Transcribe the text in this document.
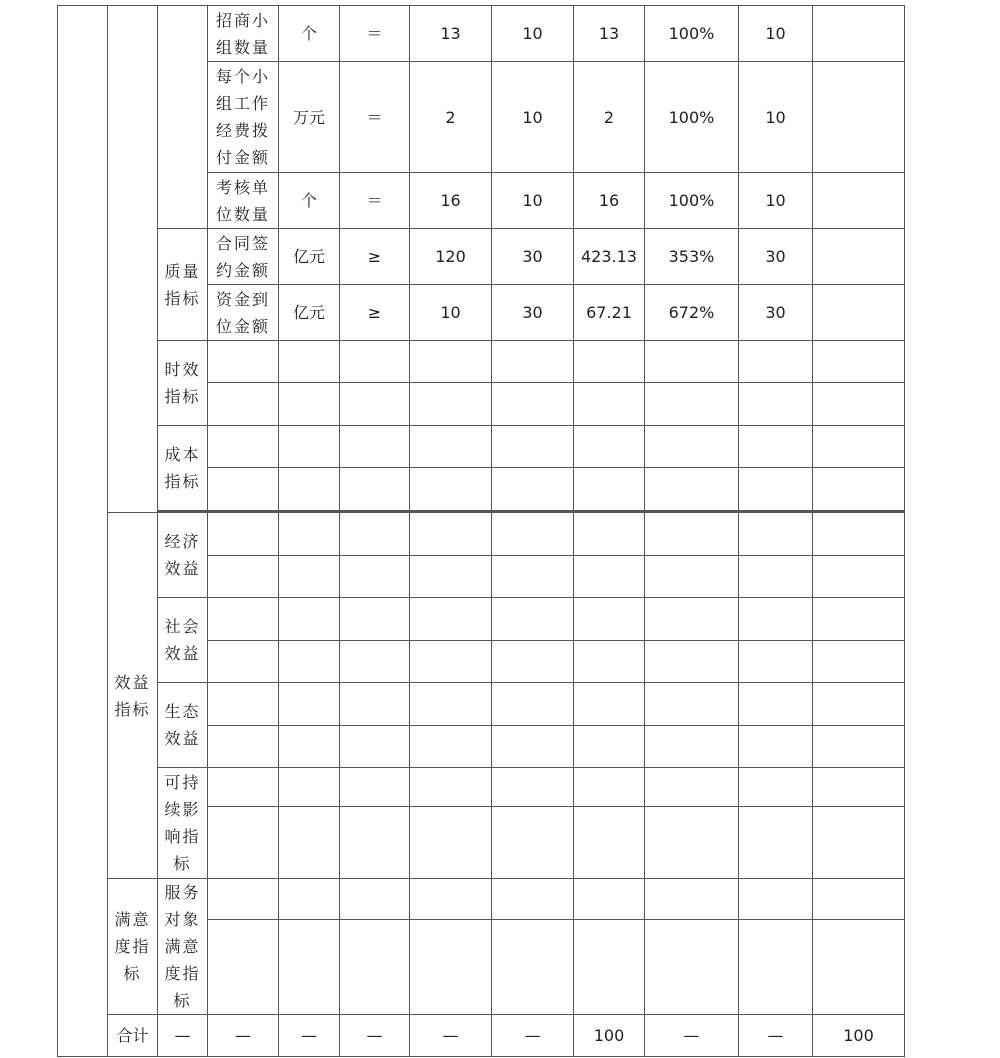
			招商小组数量	个	＝	13	10	13	100%	10		
			每个小组工作经费拨付金额	万元	＝	2	10	2	100%	10		
			考核单位数量	个	＝	16	10	16	100%	10		
		质量指标	合同签约金额	亿元	≥	120	30	423.13	353%	30		
			资金到位金额	亿元	≥	10	30	67.21	672%	30		
		时效指标										

		成本指标										

	效益指标	经济效益										

		社会效益										

		生态效益										

		可持续影响指标										

	满意度指标	服务对象满意度指标										

	合计	—	—	—	—	—	—	100	—	—	100	
